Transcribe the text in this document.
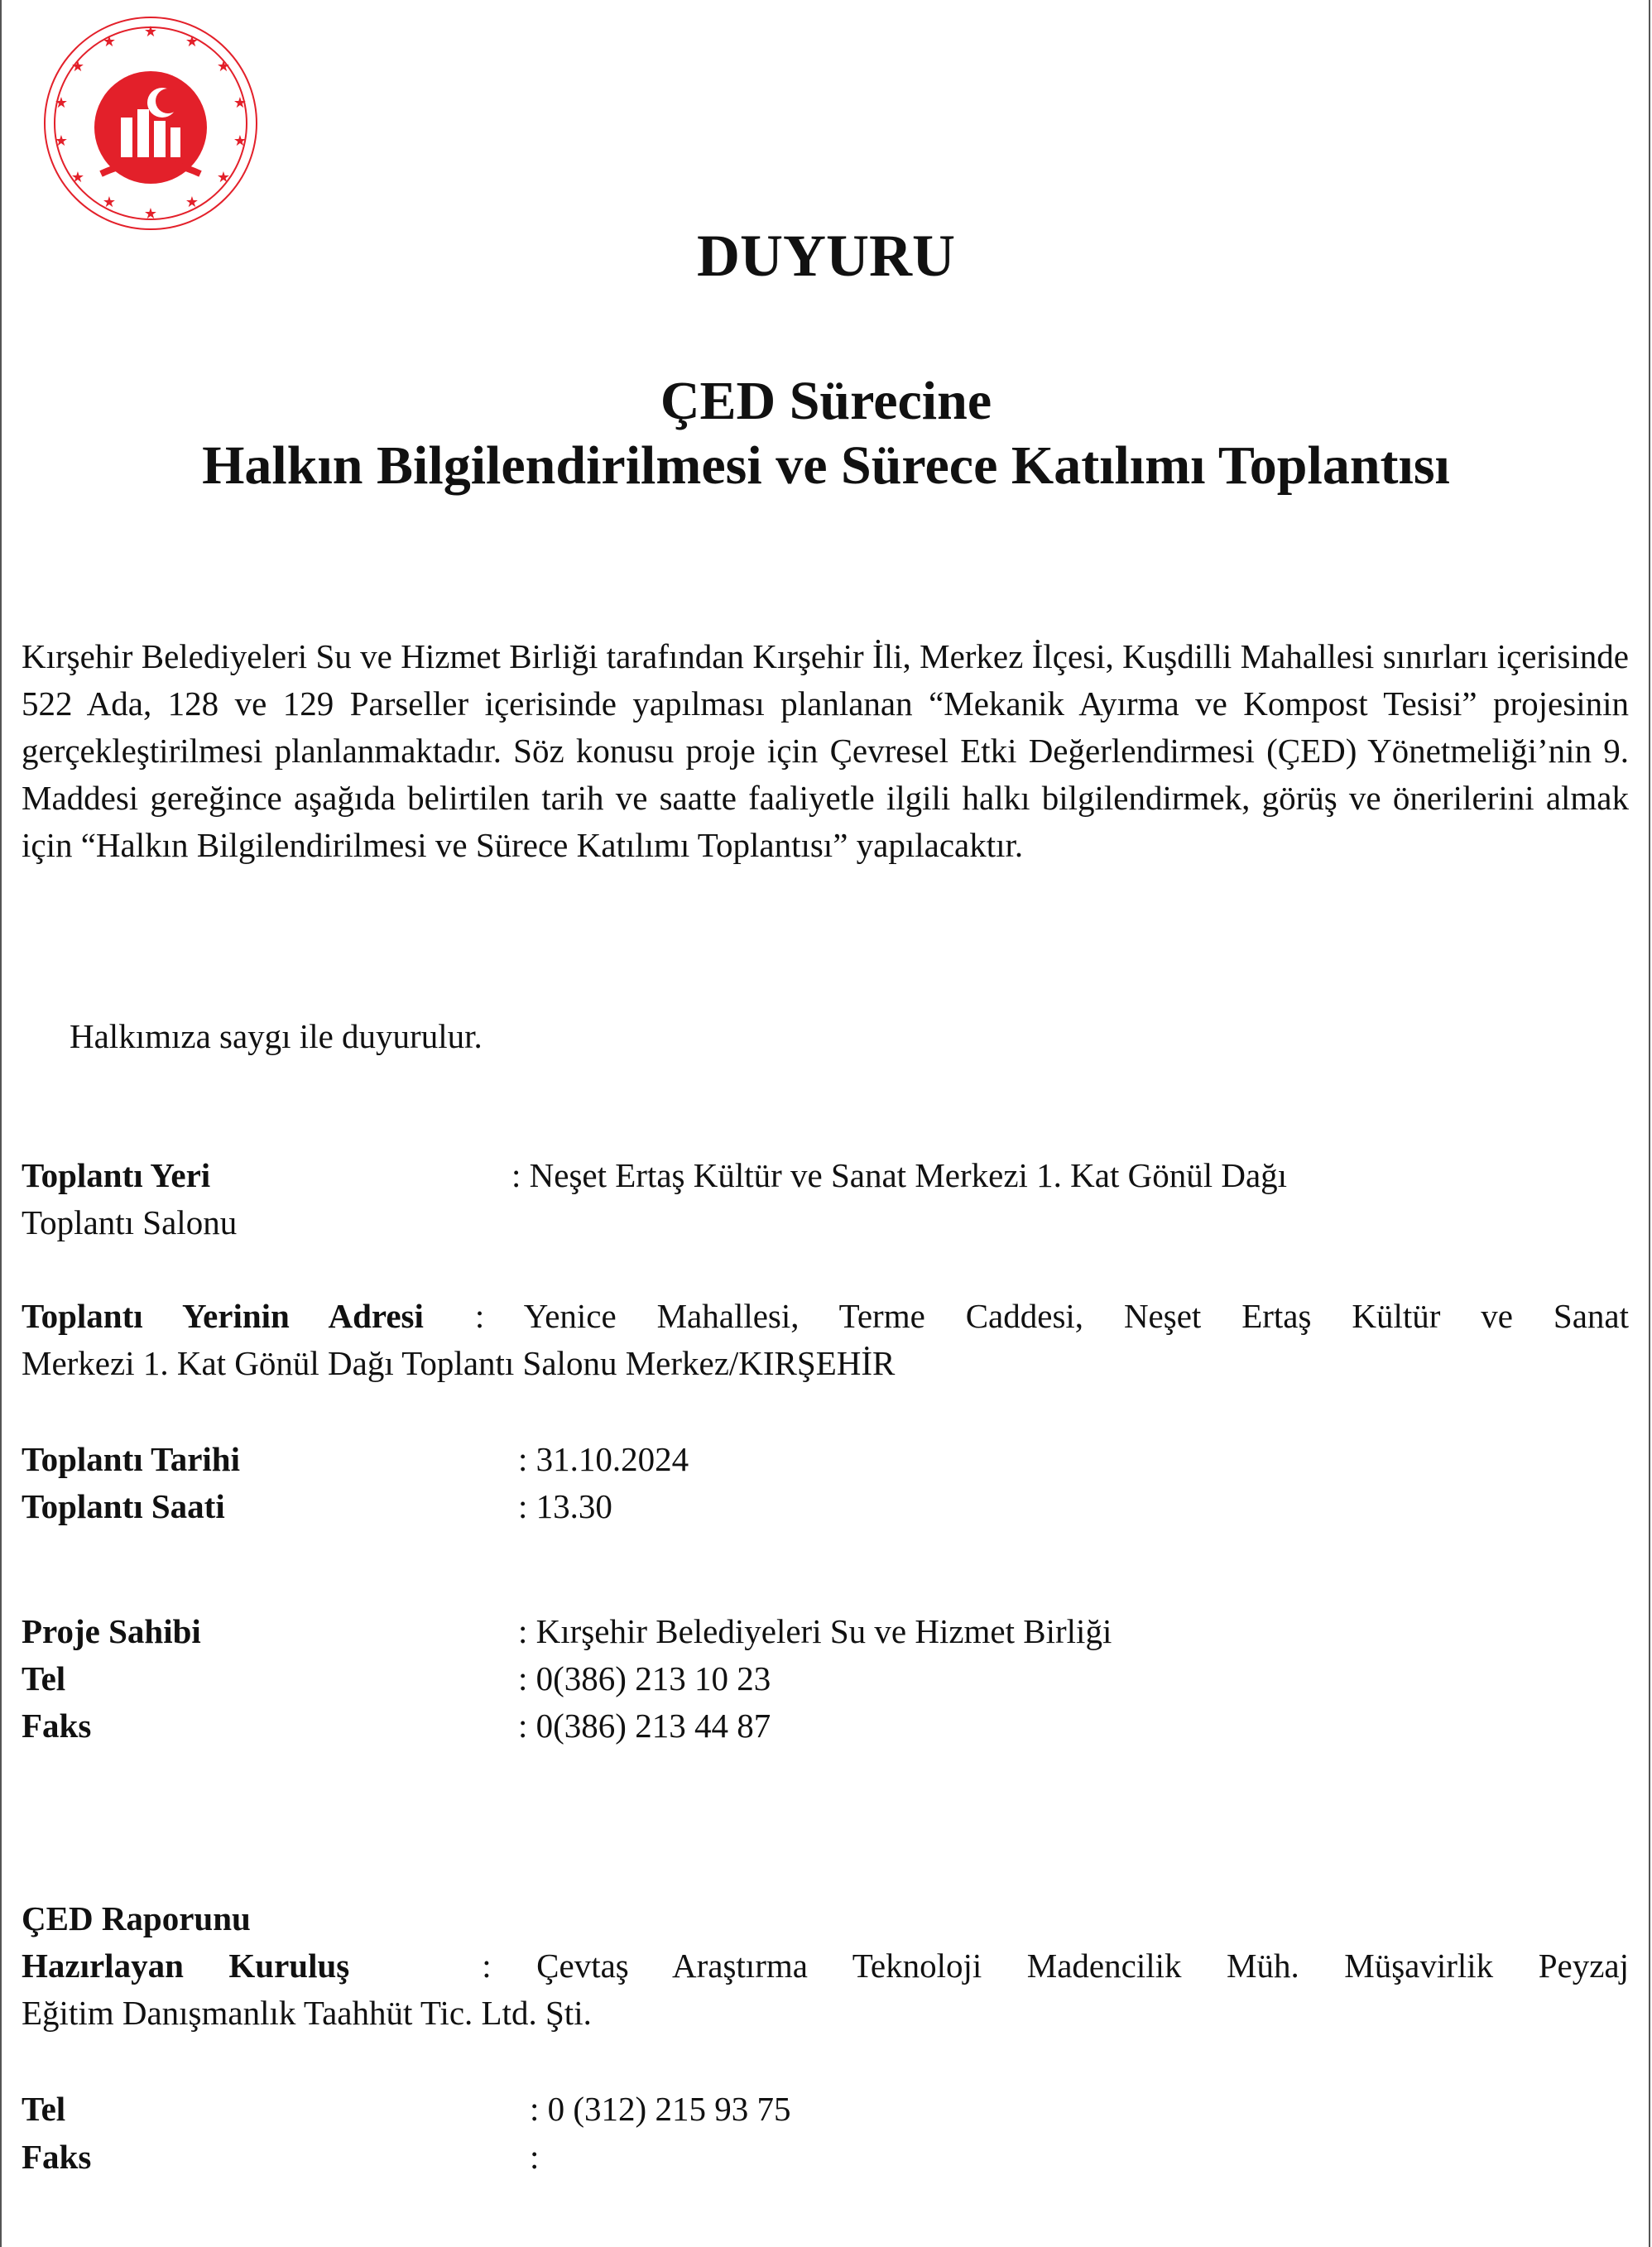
★
★
★
★
★
★
★
★
★
★
★
★
★
★
DUYURU
ÇED Sürecine
Halkın Bilgilendirilmesi ve Sürece Katılımı Toplantısı

Kırşehir Belediyeleri Su ve Hizmet Birliği tarafından Kırşehir İli, Merkez İlçesi, Kuşdilli Mahallesi sınırları içerisinde 522 Ada, 128 ve 129 Parseller içerisinde yapılması planlanan “Mekanik Ayırma ve Kompost Tesisi” projesinin gerçekleştirilmesi planlanmaktadır. Söz konusu proje için Çevresel Etki Değerlendirmesi (ÇED) Yönetmeliği’nin 9. Maddesi gereğince aşağıda belirtilen tarih ve saatte faaliyetle ilgili halkı bilgilendirmek, görüş ve önerilerini almak için “Halkın Bilgilendirilmesi ve Sürece Katılımı Toplantısı” yapılacaktır.

Halkımıza saygı ile duyurulur.

Toplantı Yeri	: Neşet Ertaş Kültür ve Sanat Merkezi 1. Kat Gönül Dağı
Toplantı Salonu
Toplantı Yerinin Adresi : Yenice Mahallesi, Terme Caddesi, Neşet Ertaş Kültür ve Sanat
Merkezi 1. Kat Gönül Dağı Toplantı Salonu Merkez/KIRŞEHİR
Toplantı Tarihi	: 31.10.2024
Toplantı Saati	: 13.30
Proje Sahibi	: Kırşehir Belediyeleri Su ve Hizmet Birliği
Tel	: 0(386) 213 10 23
Faks	: 0(386) 213 44 87
ÇED Raporunu
Hazırlayan Kuruluş	: Çevtaş Araştırma Teknoloji Madencilik Müh. Müşavirlik Peyzaj
Eğitim Danışmanlık Taahhüt Tic. Ltd. Şti.
Tel	: 0 (312) 215 93 75
Faks	:
